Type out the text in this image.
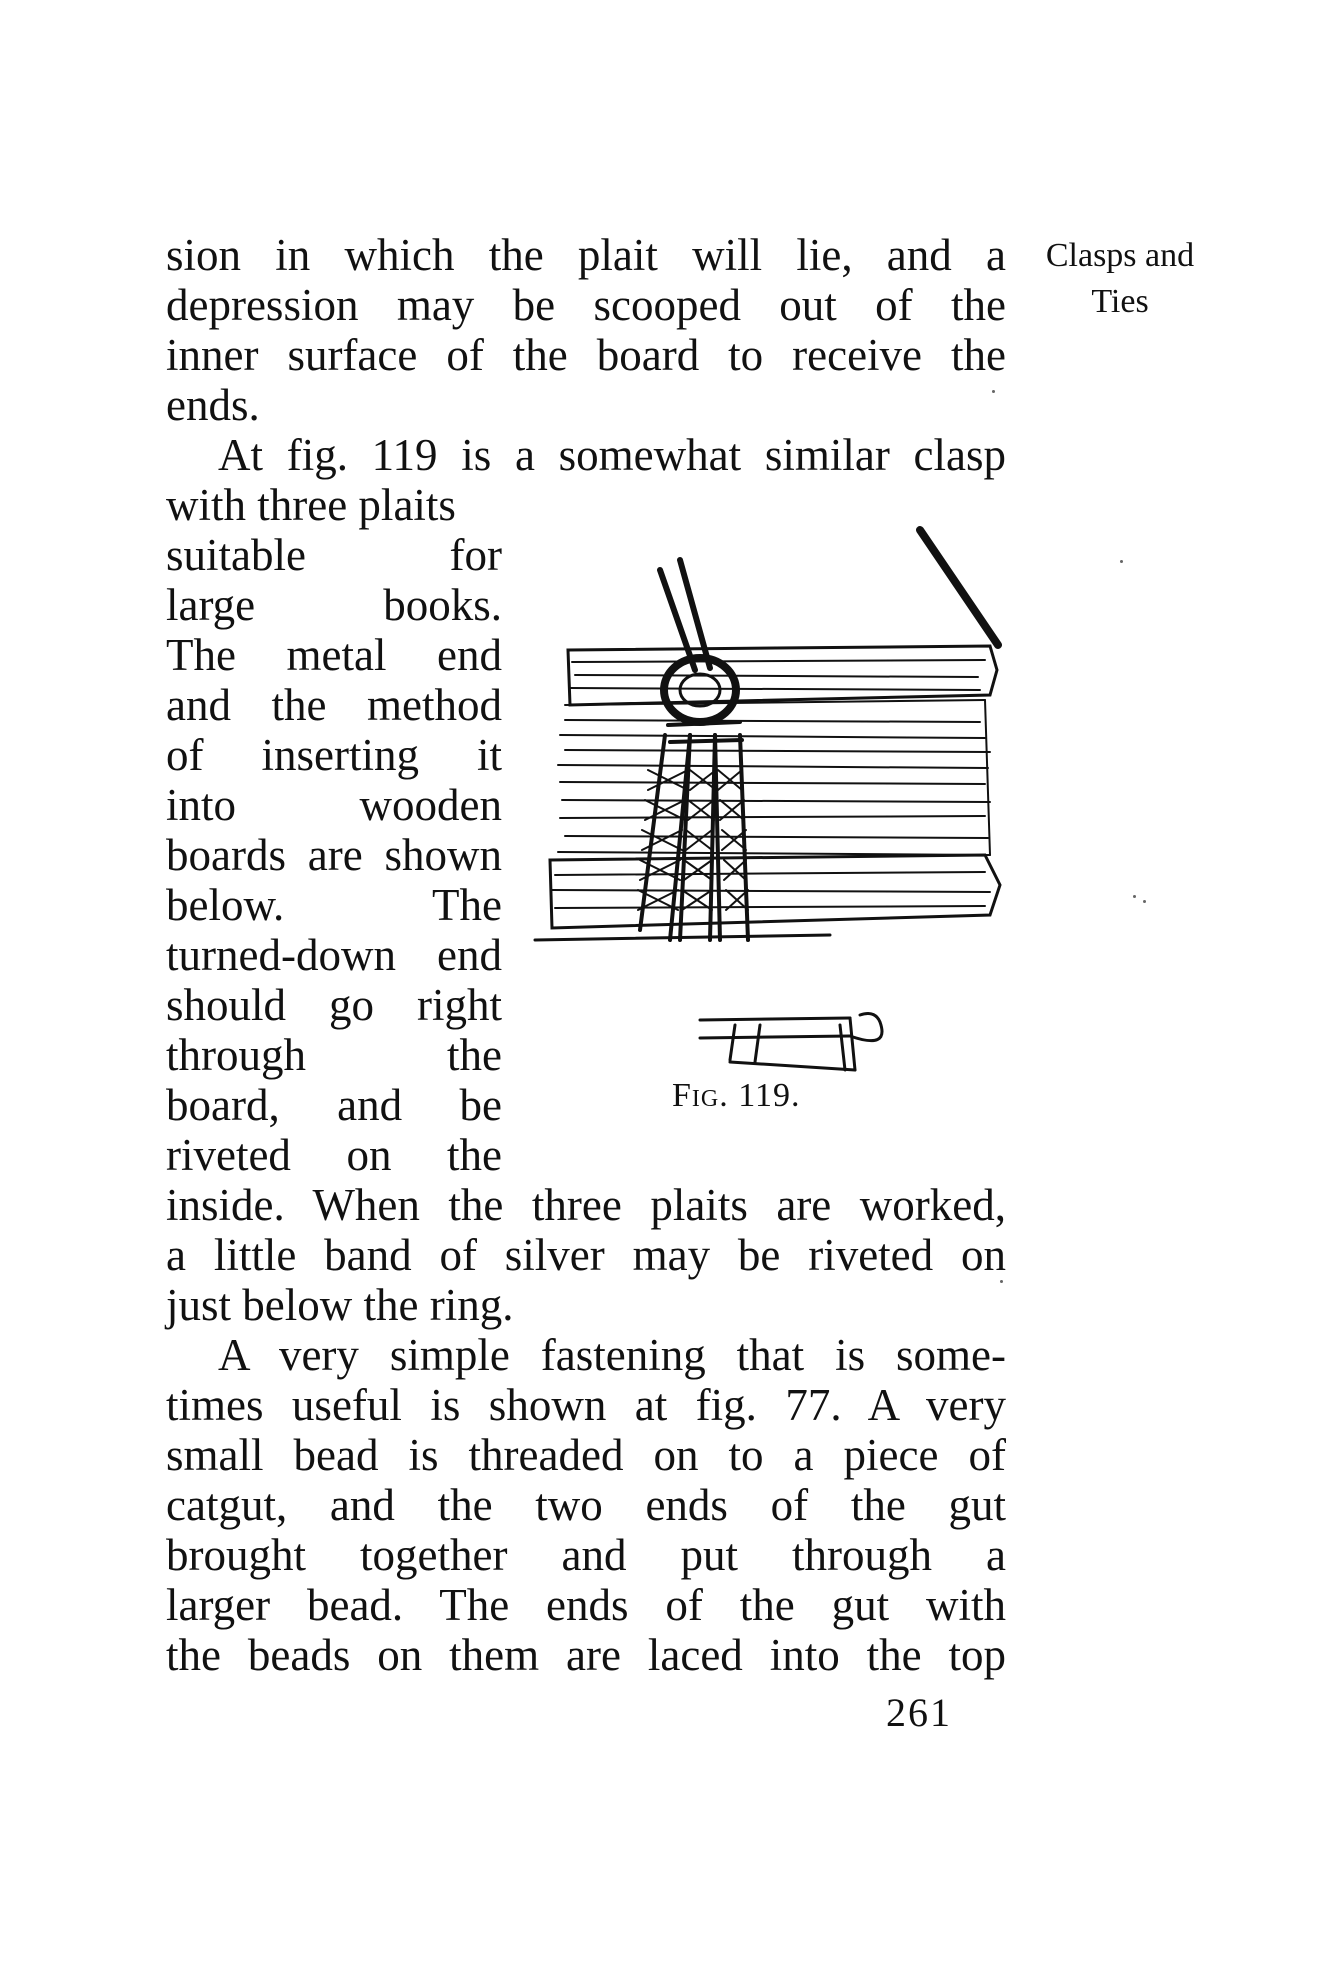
Clasps and
Ties
sion in which the plait will lie, and a
depression may be scooped out of the
inner surface of the board to receive the
ends.
At fig. 119 is a somewhat similar clasp
with three plaits
suitable for
large books.
The metal end
and the method
of inserting it
into wooden
boards are shown
below. The
turned-down end
should go right
through the
board, and be
riveted on the
Fig. 119.
inside. When the three plaits are worked,
a little band of silver may be riveted on
just below the ring.
A very simple fastening that is some-
times useful is shown at fig. 77. A very
small bead is threaded on to a piece of
catgut, and the two ends of the gut
brought together and put through a
larger bead. The ends of the gut with
the beads on them are laced into the top
261
